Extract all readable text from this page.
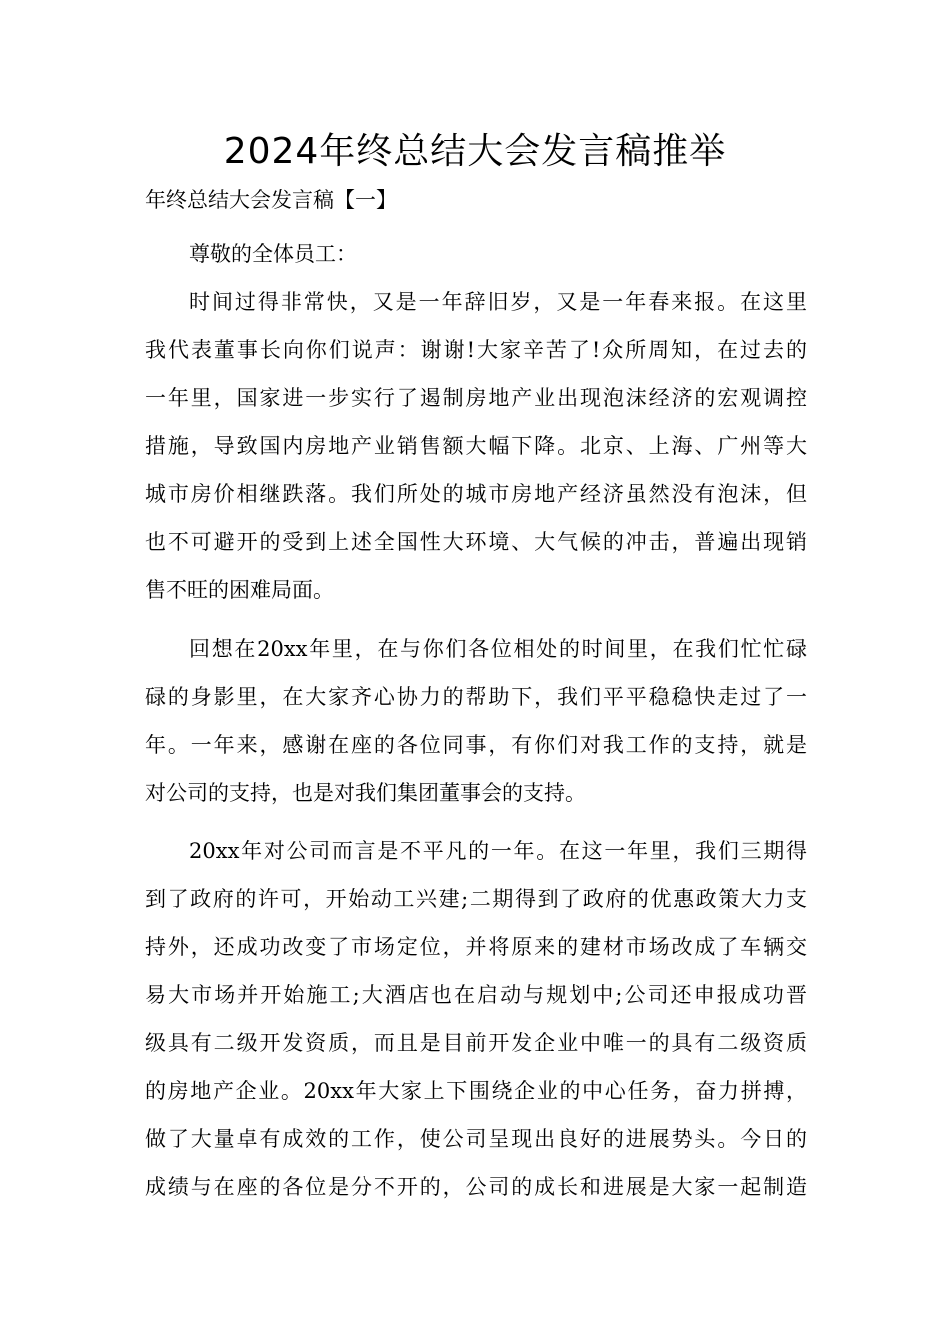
2024年终总结大会发言稿推举

年终总结大会发言稿【一】

尊敬的全体员工：

时间过得非常快，又是一年辞旧岁，又是一年春来报。在这里

我代表董事长向你们说声：谢谢!大家辛苦了!众所周知，在过去的

一年里，国家进一步实行了遏制房地产业出现泡沫经济的宏观调控

措施，导致国内房地产业销售额大幅下降。北京、上海、广州等大

城市房价相继跌落。我们所处的城市房地产经济虽然没有泡沫，但

也不可避开的受到上述全国性大环境、大气候的冲击，普遍出现销

售不旺的困难局面。

回想在20xx年里，在与你们各位相处的时间里，在我们忙忙碌

碌的身影里，在大家齐心协力的帮助下，我们平平稳稳快走过了一

年。一年来，感谢在座的各位同事，有你们对我工作的支持，就是

对公司的支持，也是对我们集团董事会的支持。

20xx年对公司而言是不平凡的一年。在这一年里，我们三期得

到了政府的许可，开始动工兴建;二期得到了政府的优惠政策大力支

持外，还成功改变了市场定位，并将原来的建材市场改成了车辆交

易大市场并开始施工;大酒店也在启动与规划中;公司还申报成功晋

级具有二级开发资质，而且是目前开发企业中唯一的具有二级资质

的房地产企业。20xx年大家上下围绕企业的中心任务，奋力拼搏，

做了大量卓有成效的工作，使公司呈现出良好的进展势头。今日的

成绩与在座的各位是分不开的，公司的成长和进展是大家一起制造
